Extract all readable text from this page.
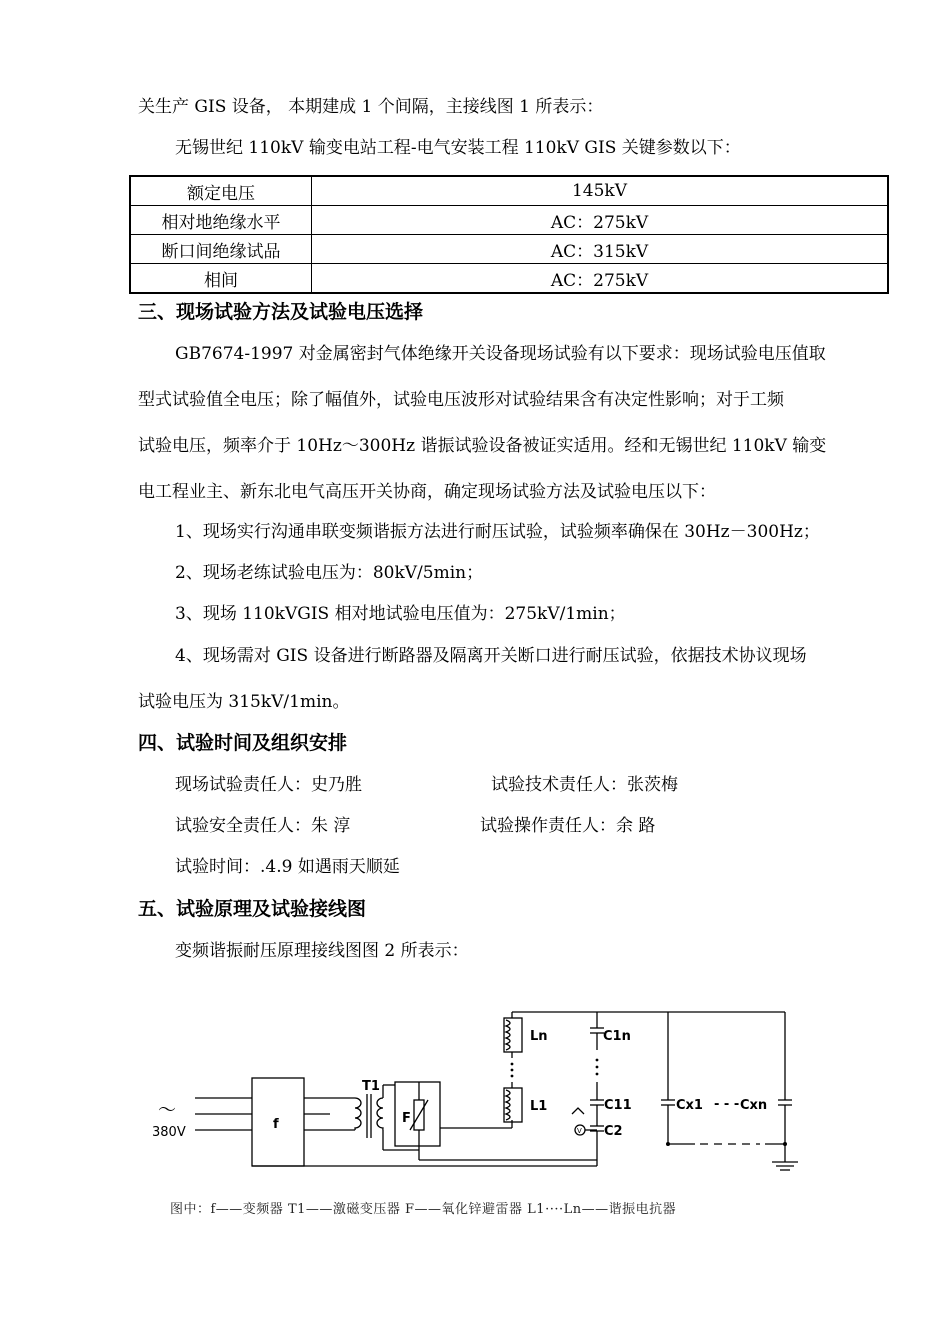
关生产 GIS 设备， 本期建成 1 个间隔，主接线图 1 所表示：
无锡世纪 110kV 输变电站工程-电气安装工程 110kV GIS 关键参数以下：
额定电压	145kV
相对地绝缘水平	AC：275kV
断口间绝缘试品	AC：315kV
相间	AC：275kV
三、现场试验方法及试验电压选择
GB7674-1997 对金属密封气体绝缘开关设备现场试验有以下要求：现场试验电压值取
型式试验值全电压；除了幅值外，试验电压波形对试验结果含有决定性影响；对于工频
试验电压，频率介于 10Hz～300Hz 谐振试验设备被证实适用。经和无锡世纪 110kV 输变
电工程业主、新东北电气高压开关协商，确定现场试验方法及试验电压以下：
1、现场实行沟通串联变频谐振方法进行耐压试验，试验频率确保在 30Hz－300Hz；
2、现场老练试验电压为：80kV/5min；
3、现场 110kVGIS 相对地试验电压值为：275kV/1min；
4、现场需对 GIS 设备进行断路器及隔离开关断口进行耐压试验，依据技术协议现场
试验电压为 315kV/1min。
四、试验时间及组织安排
现场试验责任人：史乃胜	试验技术责任人：张茨梅
试验安全责任人：朱 淳	试验操作责任人：余 路
试验时间：.4.9 如遇雨天顺延
五、试验原理及试验接线图
变频谐振耐压原理接线图图 2 所表示：
～
380V
f
T1
F
Ln
L1
C1n
C11
C2
V
Cx1 - - - Cxn
图中：f——变频器 T1——激磁变压器 F——氧化锌避雷器 L1····Ln——谐振电抗器
